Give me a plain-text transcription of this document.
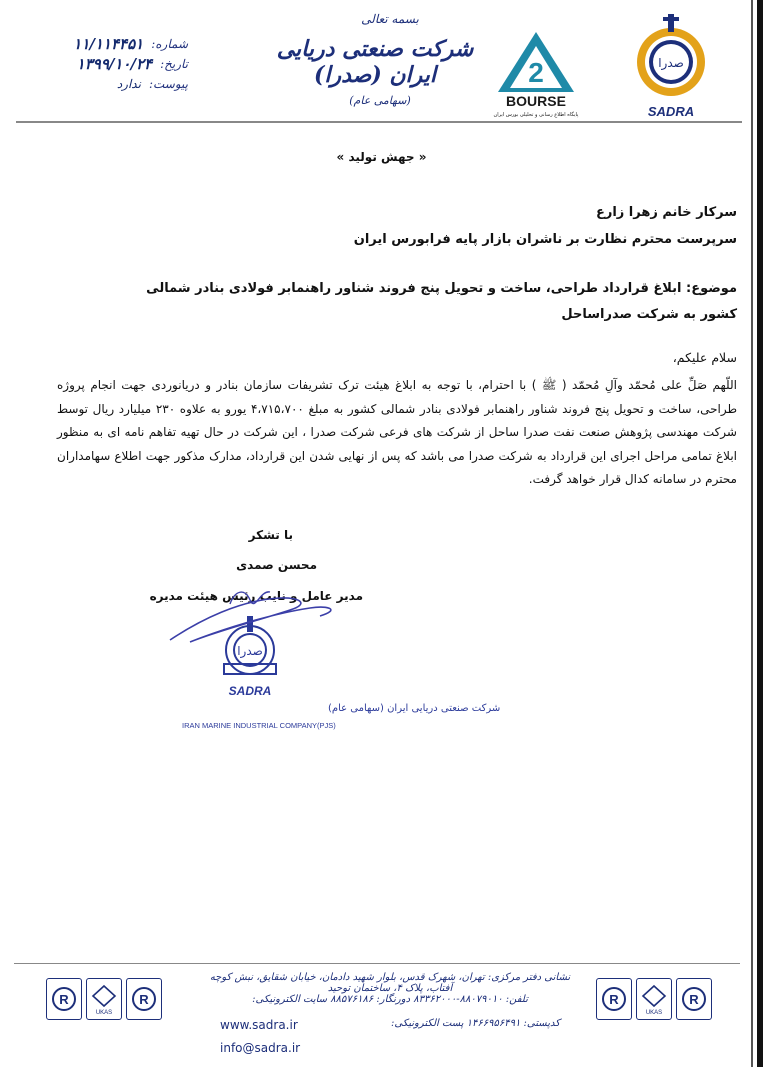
شماره:
۱۱/۱۱۴۴۵۱
تاریخ:
۱۳۹۹/۱۰/۲۴
پیوست:
ندارد
بسمه تعالی
شرکت صنعتی دریایی ایران (صدرا)
(سهامی عام)
2
BOURSE
پایگاه اطلاع رسانی و تحلیلی بورس ایران
صدرا
SADRA
« جهش تولید »
سرکار خانم زهرا زارع
سرپرست محترم نظارت بر ناشران بازار پایه فرابورس ایران
موضوع: ابلاغ قرارداد طراحی، ساخت و تحویل پنج فروند شناور راهنمابر فولادی بنادر شمالی کشور به شرکت صدراساحل
سلام علیکم،
اللّهم صَلِّ علی مُحمّد وآلِ مُحمّد ( ﷺ ) با احترام، با توجه به ابلاغ هیئت ترک تشریفات سازمان بنادر و دریانوردی جهت انجام پروژه طراحی، ساخت و تحویل پنج فروند شناور راهنمابر فولادی بنادر شمالی کشور به مبلغ ۴،۷۱۵،۷۰۰ یورو به علاوه ۲۳۰ میلیارد ریال توسط شرکت مهندسی پژوهش صنعت نفت صدرا ساحل از شرکت های فرعی شرکت صدرا ، این شرکت در حال تهیه تفاهم نامه ای به منظور ابلاغ تمامی مراحل اجرای این قرارداد به شرکت صدرا می باشد که پس از نهایی شدن این قرارداد، مدارک مذکور جهت اطلاع سهامداران محترم در سامانه کدال قرار خواهد گرفت.
با تشکر
محسن صمدی
مدیر عامل و نایب رئیس هیئت مدیره
صدرا
SADRA
شرکت صنعتی دریایی ایران (سهامی عام)
IRAN MARINE INDUSTRIAL COMPANY(PJS)
R
UKAS
R	R
UKAS
R
نشانی دفتر مرکزی: تهران، شهرک قدس، بلوار شهید دادمان، خیابان شقایق، نبش کوچه آفتاب، پلاک ۴، ساختمان توحید
تلفن: ۸۸۰۷۹۰۱۰-۸۳۳۶۲۰۰۰ دورنگار: ۸۸۵۷۶۱۸۶ سایت الکترونیکی:
www.sadra.ir	کدپستی: ۱۴۶۶۹۵۶۴۹۱ پست الکترونیکی:
info@sadra.ir
